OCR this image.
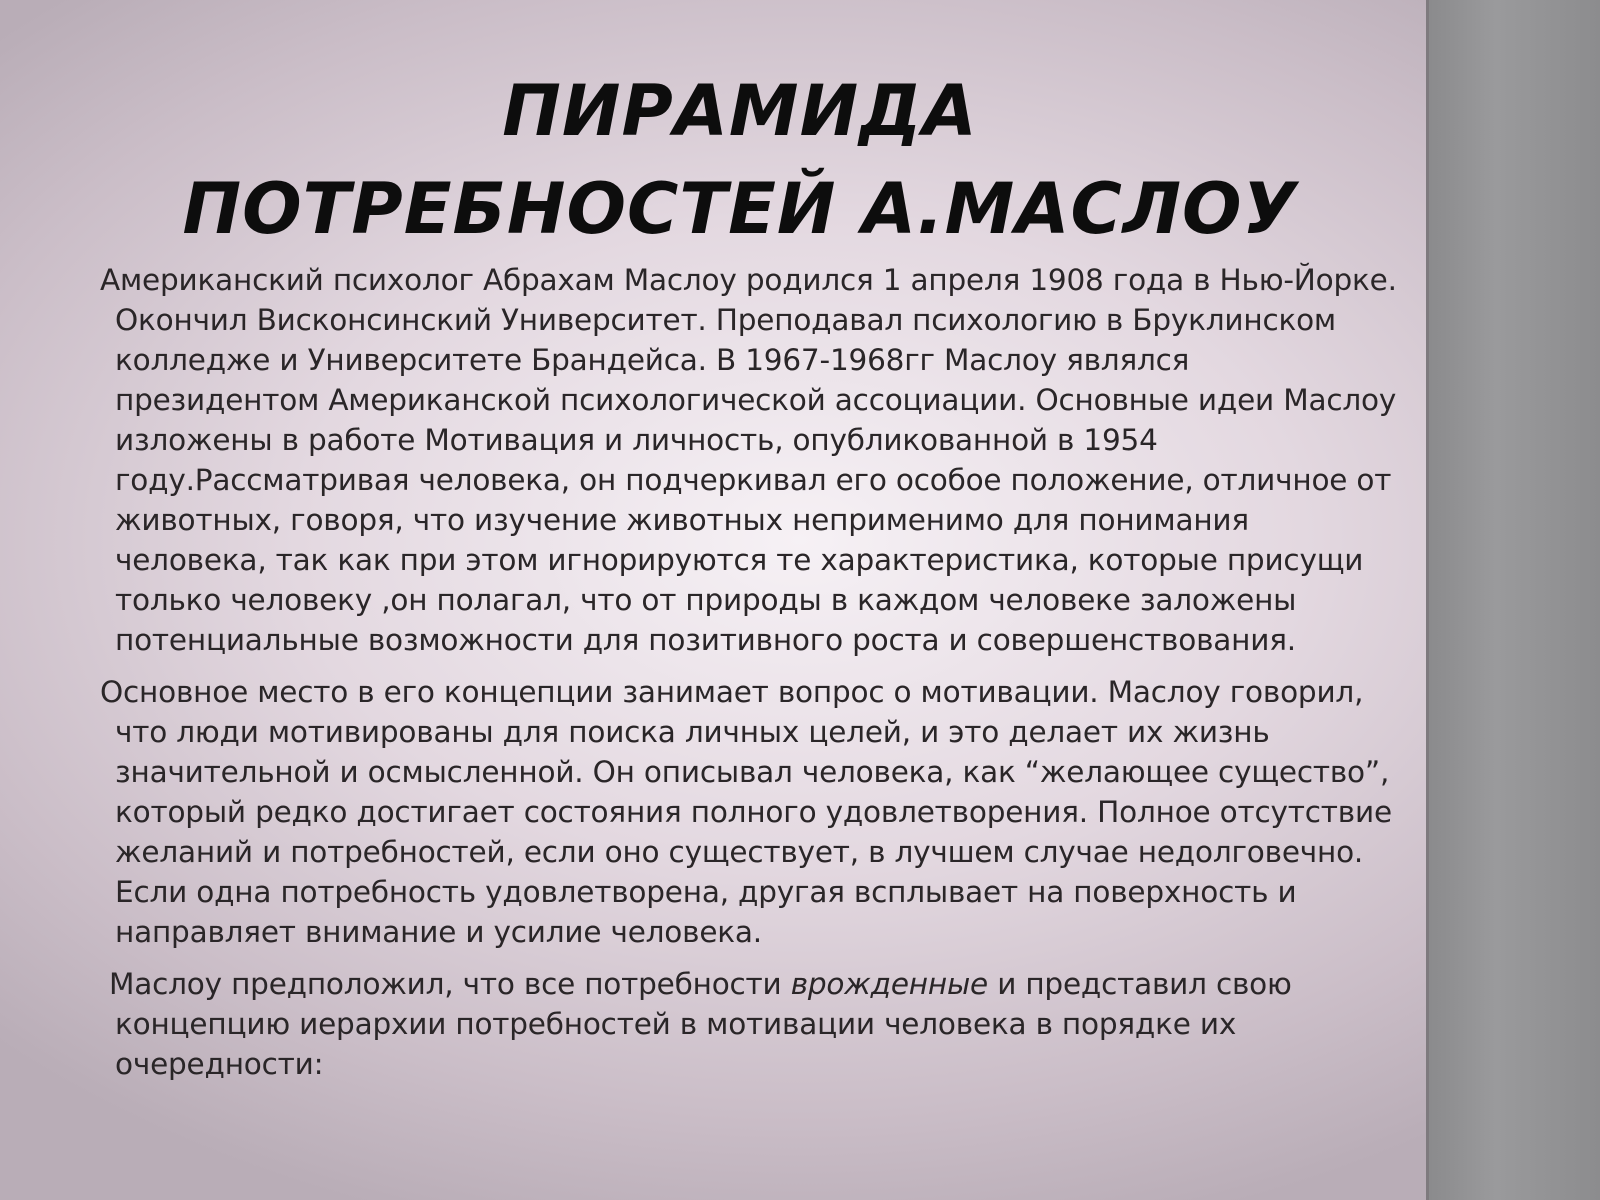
ПИРАМИДА
ПОТРЕБНОСТЕЙ А.МАСЛОУ

Американский психолог Абрахам Маслоу родился 1 апреля 1908 года в Нью-Йорке. Окончил Висконсинский Университет. Преподавал психологию в Бруклинском колледже и Университете Брандейса. В 1967-1968гг Маслоу являлся президентом Американской психологической ассоциации. Основные идеи Маслоу изложены в работе Мотивация и личность, опубликованной в 1954 году.Рассматривая человека, он подчеркивал его особое положение, отличное от животных, говоря, что изучение животных неприменимо для понимания человека, так как при этом игнорируются те характеристика, которые присущи только человеку ,он полагал, что от природы в каждом человеке заложены потенциальные возможности для позитивного роста и совершенствования.

Основное место в его концепции занимает вопрос о мотивации. Маслоу говорил, что люди мотивированы для поиска личных целей, и это делает их жизнь значительной и осмысленной. Он описывал человека, как “желающее существо”, который редко достигает состояния полного удовлетворения. Полное отсутствие желаний и потребностей, если оно существует, в лучшем случае недолговечно. Если одна потребность удовлетворена, другая всплывает на поверхность и направляет внимание и усилие человека.

Маслоу предположил, что все потребности врожденные и представил свою концепцию иерархии потребностей в мотивации человека в порядке их очередности:
